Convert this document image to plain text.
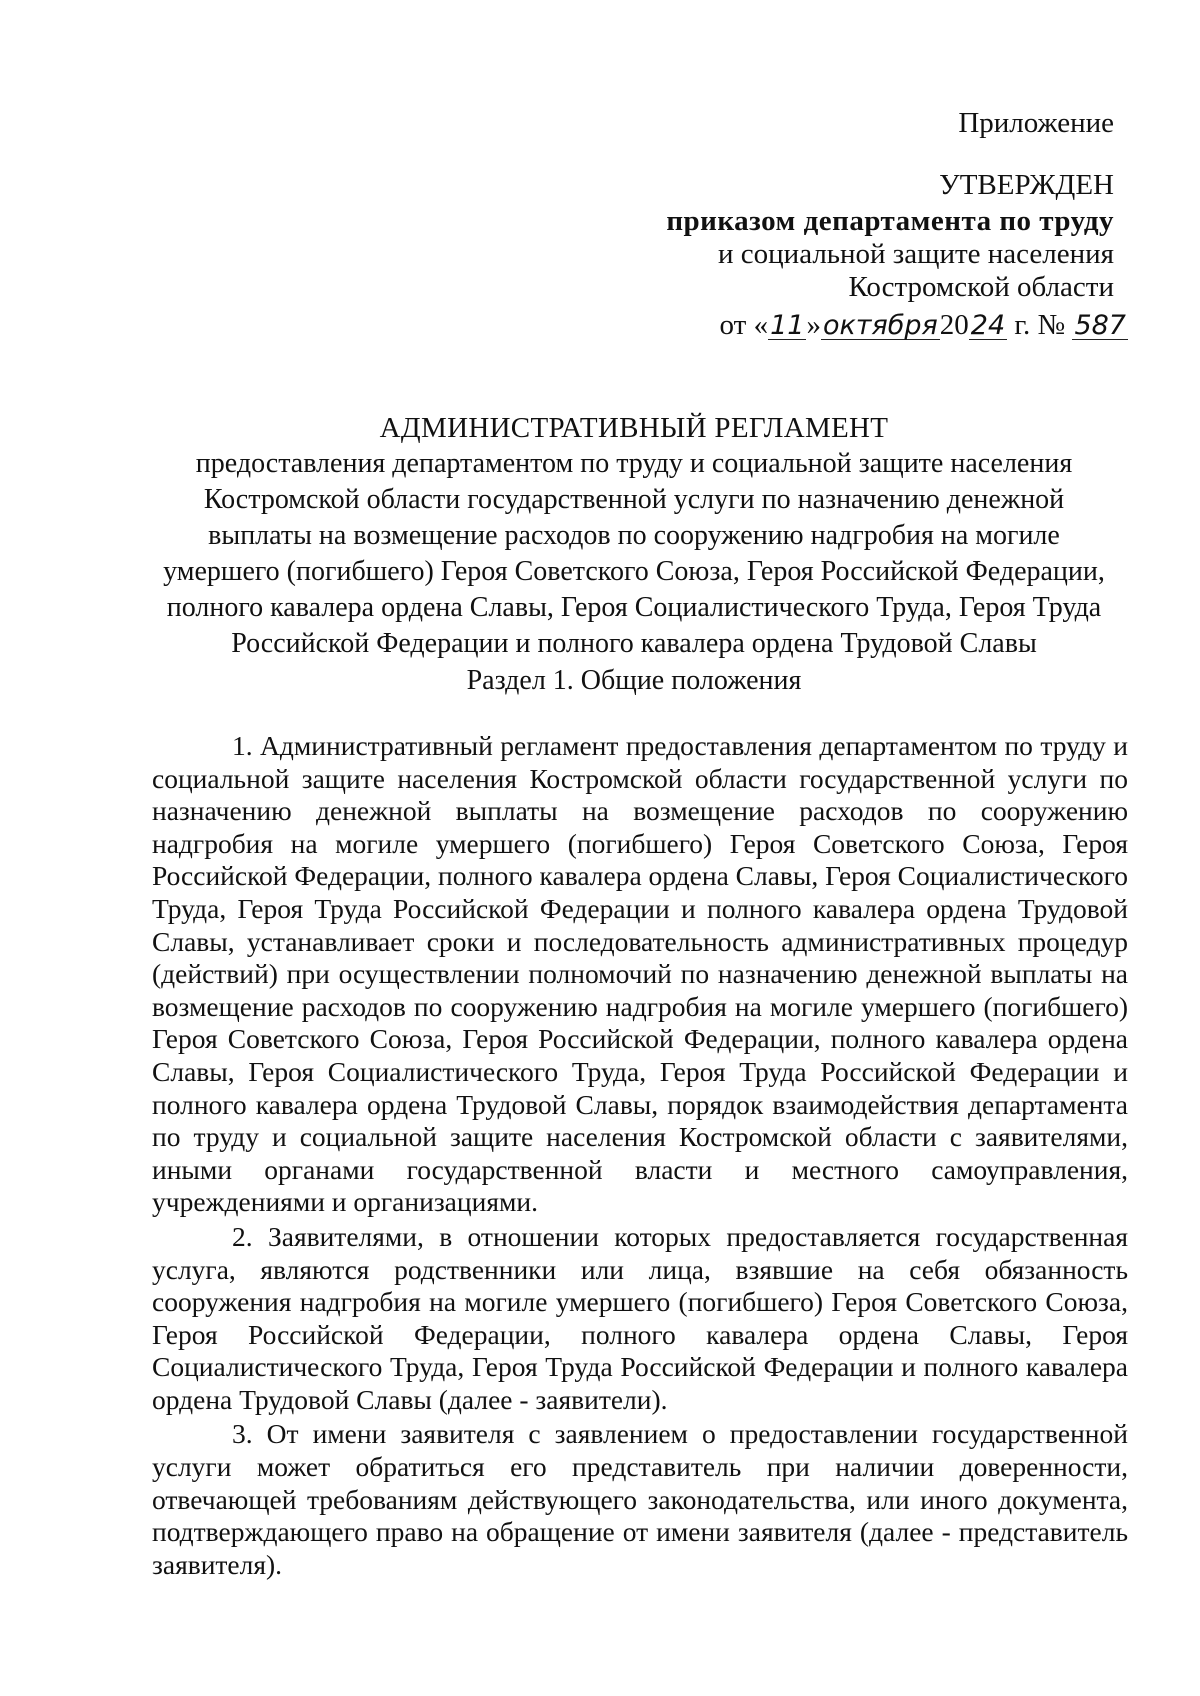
Приложение
УТВЕРЖДЕН
приказом департамента по труду
и социальной защите населения
Костромской области
от «11»октября2024 г. № 587
АДМИНИСТРАТИВНЫЙ РЕГЛАМЕНТ
предоставления департаментом по труду и социальной защите населения
Костромской области государственной услуги по назначению денежной
выплаты на возмещение расходов по сооружению надгробия на могиле
умершего (погибшего) Героя Советского Союза, Героя Российской Федерации,
полного кавалера ордена Славы, Героя Социалистического Труда, Героя Труда
Российской Федерации и полного кавалера ордена Трудовой Славы
Раздел 1. Общие положения

1. Административный регламент предоставления департаментом по труду и социальной защите населения Костромской области государственной услуги по назначению денежной выплаты на возмещение расходов по сооружению надгробия на могиле умершего (погибшего) Героя Советского Союза, Героя Российской Федерации, полного кавалера ордена Славы, Героя Социалистического Труда, Героя Труда Российской Федерации и полного кавалера ордена Трудовой Славы, устанавливает сроки и последовательность административных процедур (действий) при осуществлении полномочий по назначению денежной выплаты на возмещение расходов по сооружению надгробия на могиле умершего (погибшего) Героя Советского Союза, Героя Российской Федерации, полного кавалера ордена Славы, Героя Социалистического Труда, Героя Труда Российской Федерации и полного кавалера ордена Трудовой Славы, порядок взаимодействия департамента по труду и социальной защите населения Костромской области с заявителями, иными органами государственной власти и местного самоуправления, учреждениями и организациями.

2. Заявителями, в отношении которых предоставляется государственная услуга, являются родственники или лица, взявшие на себя обязанность сооружения надгробия на могиле умершего (погибшего) Героя Советского Союза, Героя Российской Федерации, полного кавалера ордена Славы, Героя Социалистического Труда, Героя Труда Российской Федерации и полного кавалера ордена Трудовой Славы (далее - заявители).

3. От имени заявителя с заявлением о предоставлении государственной услуги может обратиться его представитель при наличии доверенности, отвечающей требованиям действующего законодательства, или иного документа, подтверждающего право на обращение от имени заявителя (далее - представитель заявителя).
